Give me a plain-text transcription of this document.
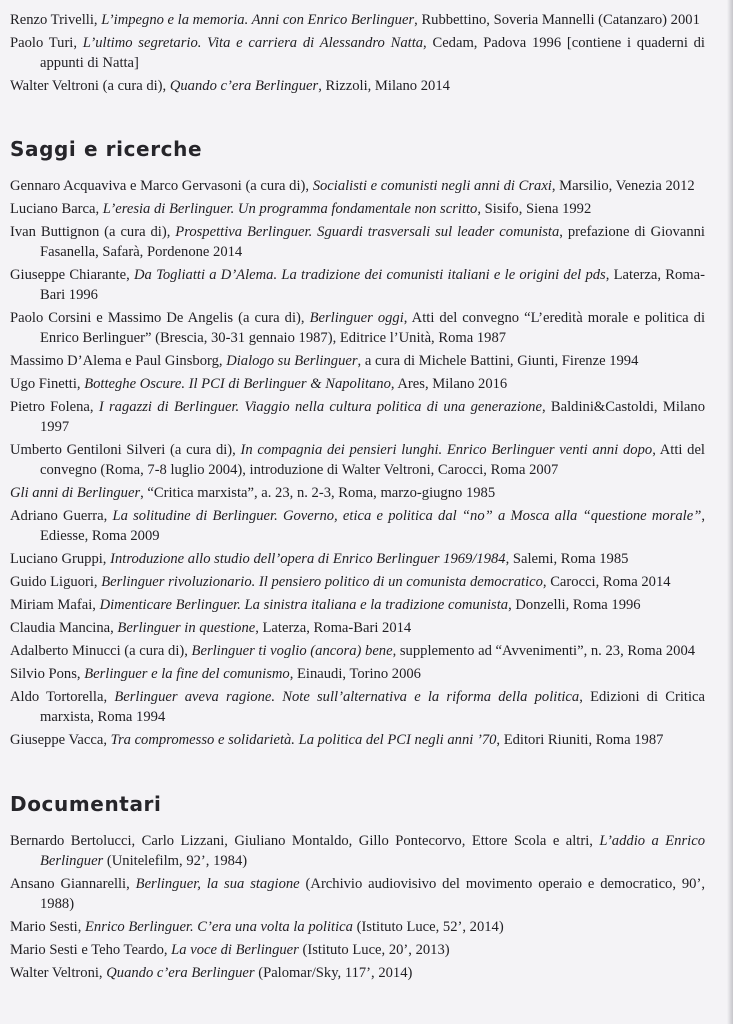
Renzo Trivelli, L’impegno e la memoria. Anni con Enrico Berlinguer, Rubbettino, Soveria Mannelli (Catanzaro) 2001

Paolo Turi, L’ultimo segretario. Vita e carriera di Alessandro Natta, Cedam, Padova 1996 [contiene i quaderni di appunti di Natta]

Walter Veltroni (a cura di), Quando c’era Berlinguer, Rizzoli, Milano 2014

Saggi e ricerche

Gennaro Acquaviva e Marco Gervasoni (a cura di), Socialisti e comunisti negli anni di Craxi, Marsilio, Venezia 2012

Luciano Barca, L’eresia di Berlinguer. Un programma fondamentale non scritto, Sisifo, Siena 1992

Ivan Buttignon (a cura di), Prospettiva Berlinguer. Sguardi trasversali sul leader comunista, prefazione di Giovanni Fasanella, Safarà, Pordenone 2014

Giuseppe Chiarante, Da Togliatti a D’Alema. La tradizione dei comunisti italiani e le origini del pds, Laterza, Roma-Bari 1996

Paolo Corsini e Massimo De Angelis (a cura di), Berlinguer oggi, Atti del convegno “L’eredità morale e politica di Enrico Berlinguer” (Brescia, 30-31 gennaio 1987), Editrice l’Unità, Roma 1987

Massimo D’Alema e Paul Ginsborg, Dialogo su Berlinguer, a cura di Michele Battini, Giunti, Firenze 1994

Ugo Finetti, Botteghe Oscure. Il PCI di Berlinguer & Napolitano, Ares, Milano 2016

Pietro Folena, I ragazzi di Berlinguer. Viaggio nella cultura politica di una generazione, Baldini&Castoldi, Milano 1997

Umberto Gentiloni Silveri (a cura di), In compagnia dei pensieri lunghi. Enrico Berlinguer venti anni dopo, Atti del convegno (Roma, 7-8 luglio 2004), introduzione di Walter Veltroni, Carocci, Roma 2007

Gli anni di Berlinguer, “Critica marxista”, a. 23, n. 2-3, Roma, marzo-giugno 1985

Adriano Guerra, La solitudine di Berlinguer. Governo, etica e politica dal “no” a Mosca alla “questione morale”, Ediesse, Roma 2009

Luciano Gruppi, Introduzione allo studio dell’opera di Enrico Berlinguer 1969/1984, Salemi, Roma 1985

Guido Liguori, Berlinguer rivoluzionario. Il pensiero politico di un comunista democratico, Carocci, Roma 2014

Miriam Mafai, Dimenticare Berlinguer. La sinistra italiana e la tradizione comunista, Donzelli, Roma 1996

Claudia Mancina, Berlinguer in questione, Laterza, Roma-Bari 2014

Adalberto Minucci (a cura di), Berlinguer ti voglio (ancora) bene, supplemento ad “Avvenimenti”, n. 23, Roma 2004

Silvio Pons, Berlinguer e la fine del comunismo, Einaudi, Torino 2006

Aldo Tortorella, Berlinguer aveva ragione. Note sull’alternativa e la riforma della politica, Edizioni di Critica marxista, Roma 1994

Giuseppe Vacca, Tra compromesso e solidarietà. La politica del PCI negli anni ’70, Editori Riuniti, Roma 1987

Documentari

Bernardo Bertolucci, Carlo Lizzani, Giuliano Montaldo, Gillo Pontecorvo, Ettore Scola e altri, L’addio a Enrico Berlinguer (Unitelefilm, 92’, 1984)

Ansano Giannarelli, Berlinguer, la sua stagione (Archivio audiovisivo del movimento operaio e democratico, 90’, 1988)

Mario Sesti, Enrico Berlinguer. C’era una volta la politica (Istituto Luce, 52’, 2014)

Mario Sesti e Teho Teardo, La voce di Berlinguer (Istituto Luce, 20’, 2013)

Walter Veltroni, Quando c’era Berlinguer (Palomar/Sky, 117’, 2014)
